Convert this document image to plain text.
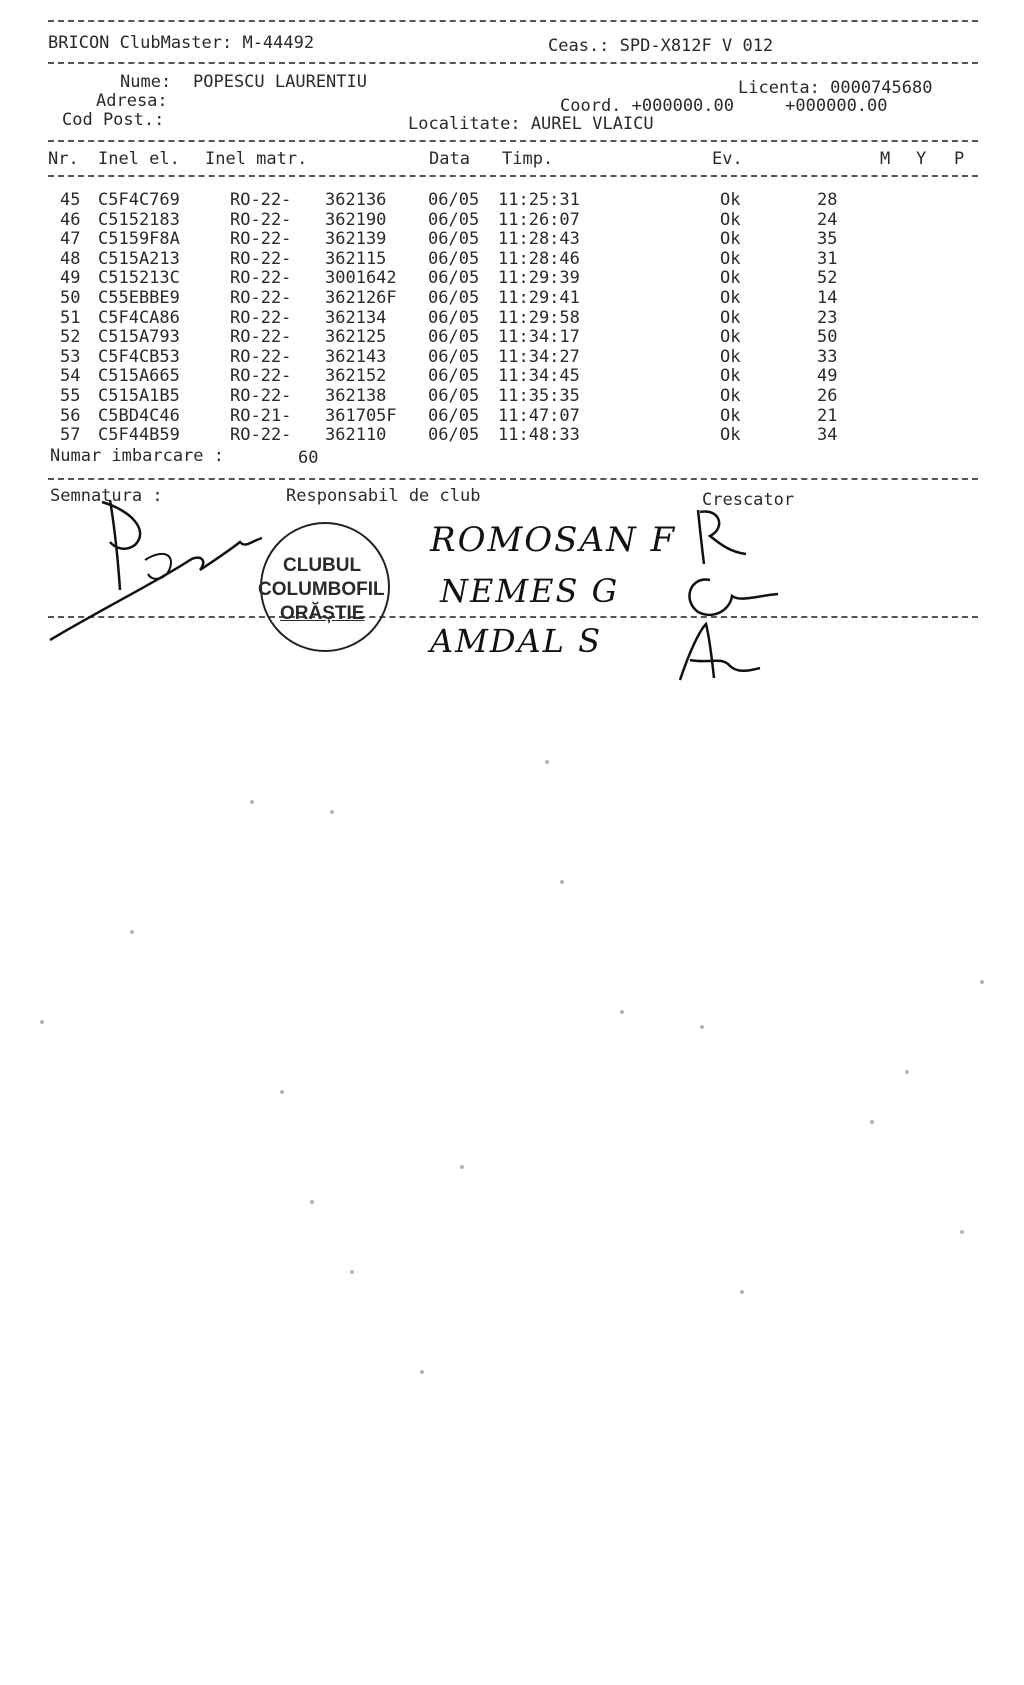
BRICON ClubMaster: M-44492	Ceas.: SPD-X812F V 012
Nume: POPESCU LAURENTIU	Licenta: 0000745680
Adresa:	Coord. +000000.00     +000000.00
Cod Post.:	Localitate: AUREL VLAICU
Nr. Inel el. Inel matr.	Data Timp.	Ev.	M Y P
45 C5F4C769	RO-22- 362136 06/05 11:25:31	Ok	28
46 C5152183	RO-22- 362190 06/05 11:26:07	Ok	24
47 C5159F8A	RO-22- 362139 06/05 11:28:43	Ok	35
48 C515A213	RO-22- 362115 06/05 11:28:46	Ok	31
49 C515213C	RO-22- 3001642 06/05 11:29:39	Ok	52
50 C55EBBE9	RO-22- 362126F 06/05 11:29:41	Ok	14
51 C5F4CA86	RO-22- 362134 06/05 11:29:58	Ok	23
52 C515A793	RO-22- 362125 06/05 11:34:17	Ok	50
53 C5F4CB53	RO-22- 362143 06/05 11:34:27	Ok	33
54 C515A665	RO-22- 362152 06/05 11:34:45	Ok	49
55 C515A1B5	RO-22- 362138 06/05 11:35:35	Ok	26
56 C5BD4C46	RO-21- 361705F 06/05 11:47:07	Ok	21
57 C5F44B59	RO-22- 362110 06/05 11:48:33	Ok	34
Numar imbarcare :	60
Semnatura :	Responsabil de club	Crescator
CLUBUL
COLUMBOFIL
ORĂȘTIE
ROMOSAN F
NEMES G
AMDAL S
